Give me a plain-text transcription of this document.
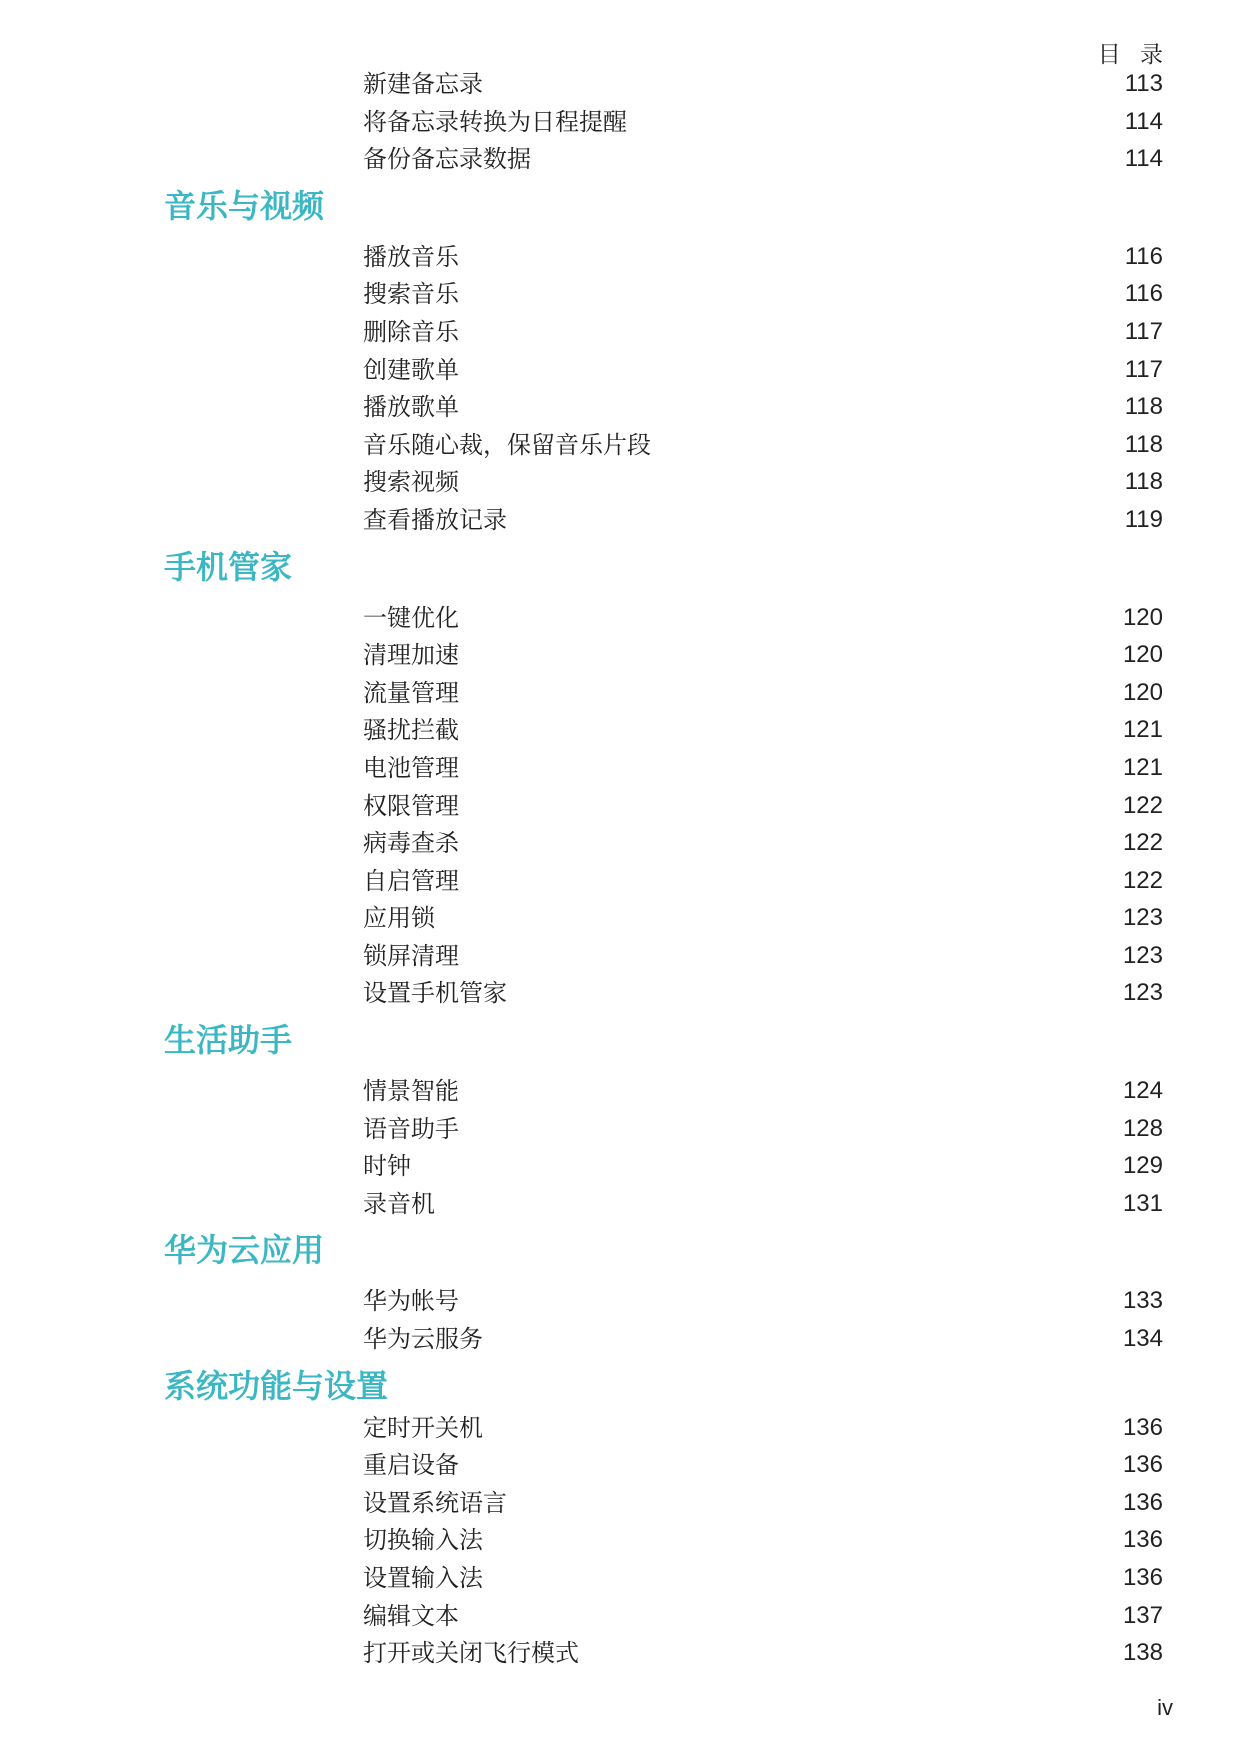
目 录
新建备忘录	113
将备忘录转换为日程提醒	114
备份备忘录数据	114
音乐与视频
播放音乐	116
搜索音乐	116
删除音乐	117
创建歌单	117
播放歌单	118
音乐随心裁，保留音乐片段	118
搜索视频	118
查看播放记录	119
手机管家
一键优化	120
清理加速	120
流量管理	120
骚扰拦截	121
电池管理	121
权限管理	122
病毒查杀	122
自启管理	122
应用锁	123
锁屏清理	123
设置手机管家	123
生活助手
情景智能	124
语音助手	128
时钟	129
录音机	131
华为云应用
华为帐号	133
华为云服务	134
系统功能与设置
定时开关机	136
重启设备	136
设置系统语言	136
切换输入法	136
设置输入法	136
编辑文本	137
打开或关闭飞行模式	138
iv
